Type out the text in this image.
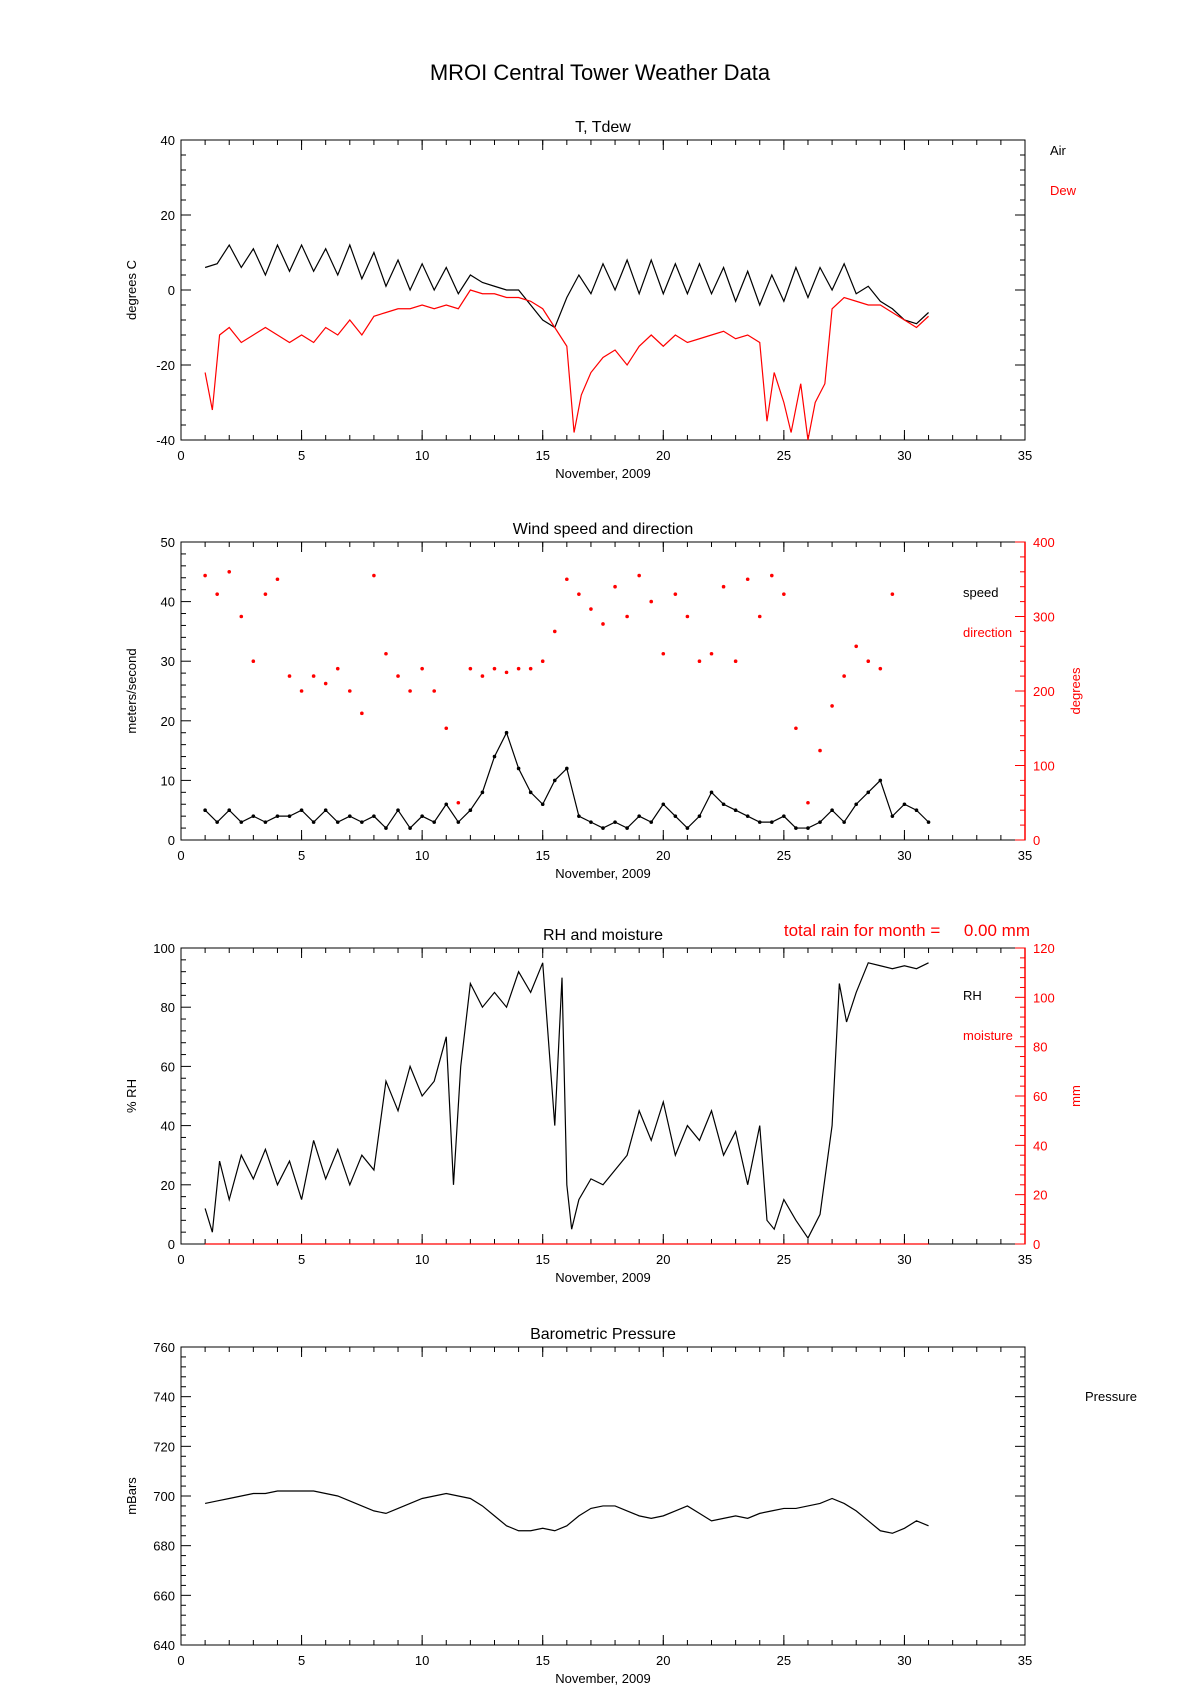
MROI Central Tower Weather Data
T, Tdew
0	5	10	15	20	25	30	35
November, 2009
-40
-20
0
20
40
degrees C
Air
Dew
Wind speed and direction
0	5	10	15	20	25	30	35
November, 2009
0
10
20
30
40
50
meters/second
0
100
200
300
400
degrees
speed
direction
RH and moisture
0	5	10	15	20	25	30	35
November, 2009
0
20
40
60
80
100
% RH
0
20
40
60
80
100
120
mm
total rain for month =     0.00 mm
RH
moisture
Barometric Pressure
0	5	10	15	20	25	30	35
November, 2009
640
660
680
700
720
740
760
mBars
Pressure
